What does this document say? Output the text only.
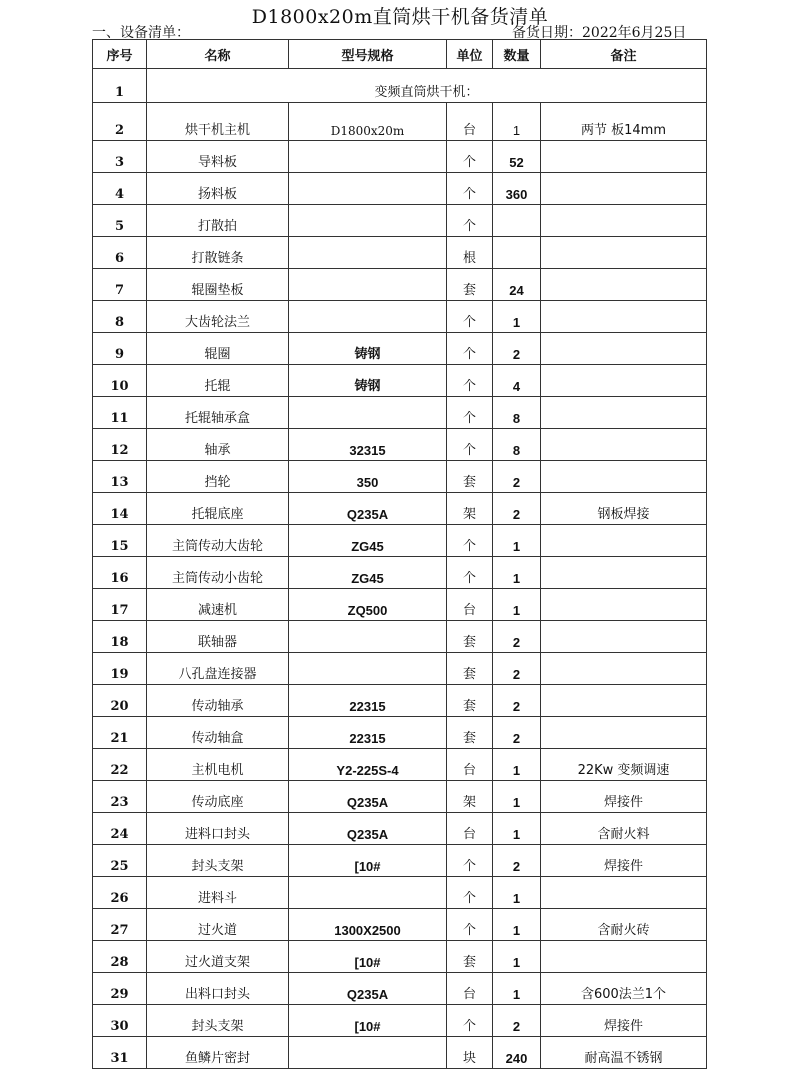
D1800x20m直筒烘干机备货清单
一、设备清单：	备货日期：2022年6月25日
序号	名称	型号规格	单位	数量	备注
1	变频直筒烘干机：				
2	烘干机主机	D1800x20m	台	1	两节 板14mm
3	导料板		个	52	
4	扬料板		个	360	
5	打散拍		个		
6	打散链条		根		
7	辊圈垫板		套	24	
8	大齿轮法兰		个	1	
9	辊圈	铸钢	个	2	
10	托辊	铸钢	个	4	
11	托辊轴承盒		个	8	
12	轴承	32315	个	8	
13	挡轮	350	套	2	
14	托辊底座	Q235A	架	2	钢板焊接
15	主筒传动大齿轮	ZG45	个	1	
16	主筒传动小齿轮	ZG45	个	1	
17	减速机	ZQ500	台	1	
18	联轴器		套	2	
19	八孔盘连接器		套	2	
20	传动轴承	22315	套	2	
21	传动轴盒	22315	套	2	
22	主机电机	Y2-225S-4	台	1	22Kw 变频调速
23	传动底座	Q235A	架	1	焊接件
24	进料口封头	Q235A	台	1	含耐火料
25	封头支架	[10#	个	2	焊接件
26	进料斗		个	1	
27	过火道	1300X2500	个	1	含耐火砖
28	过火道支架	[10#	套	1	
29	出料口封头	Q235A	台	1	含600法兰1个
30	封头支架	[10#	个	2	焊接件
31	鱼鳞片密封		块	240	耐高温不锈钢
